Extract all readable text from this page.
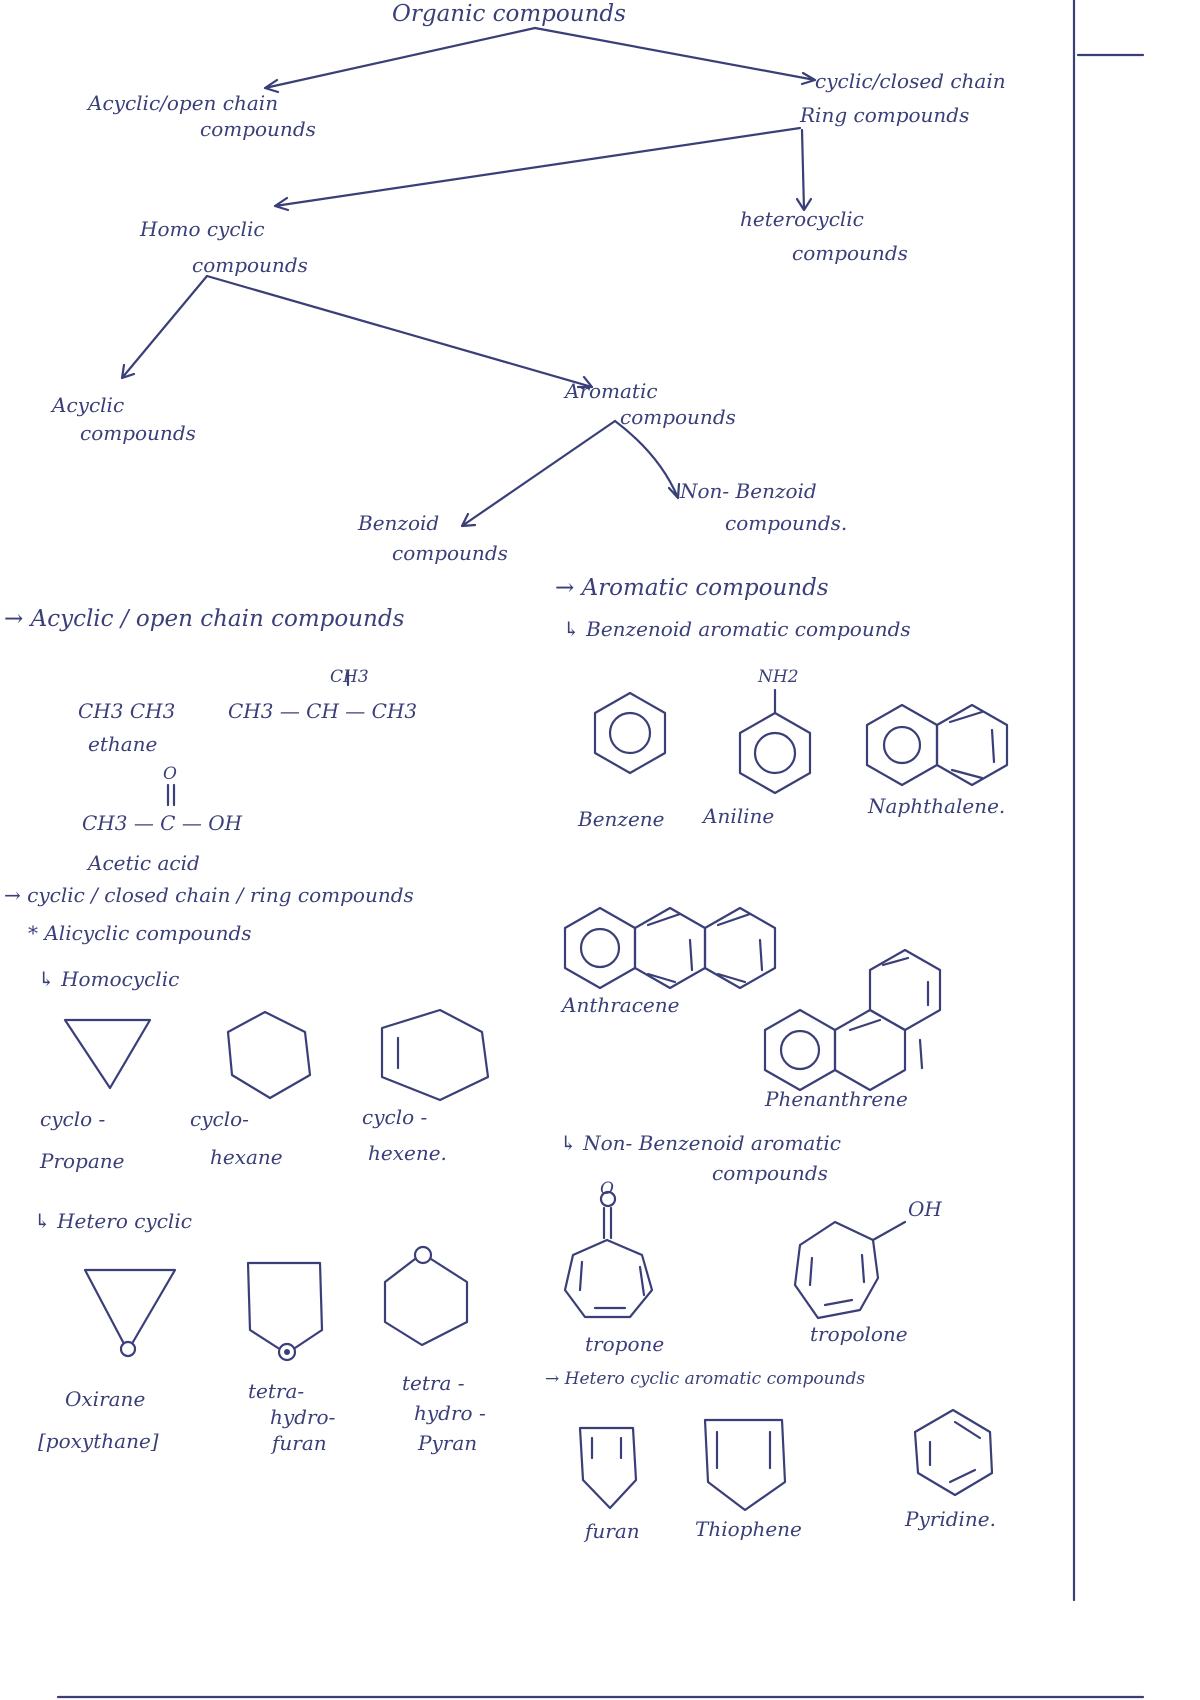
Organic compounds
Acyclic/open chain
compounds
cyclic/closed chain
Ring compounds
Homo cyclic
compounds
heterocyclic
compounds
Acyclic
compounds
Aromatic
compounds
Benzoid
compounds
Non- Benzoid
compounds.
→ Acyclic / open chain compounds
CH3 CH3
ethane
CH3
CH3 — CH — CH3
O
CH3 — C — OH
Acetic acid
→ cyclic / closed chain / ring compounds
* Alicyclic compounds
↳ Homocyclic
cyclo -
Propane
cyclo-
hexane
cyclo -
hexene.
↳ Hetero cyclic
Oxirane
[poxythane]
tetra-
hydro-
furan
tetra -
hydro -
Pyran
→ Aromatic compounds
↳ Benzenoid aromatic compounds
NH2
Benzene Aniline	Naphthalene.
Anthracene
Phenanthrene
↳ Non- Benzenoid aromatic
compounds
O
OH
tropone	tropolone
→ Hetero cyclic aromatic compounds
furan	Thiophene	Pyridine.
